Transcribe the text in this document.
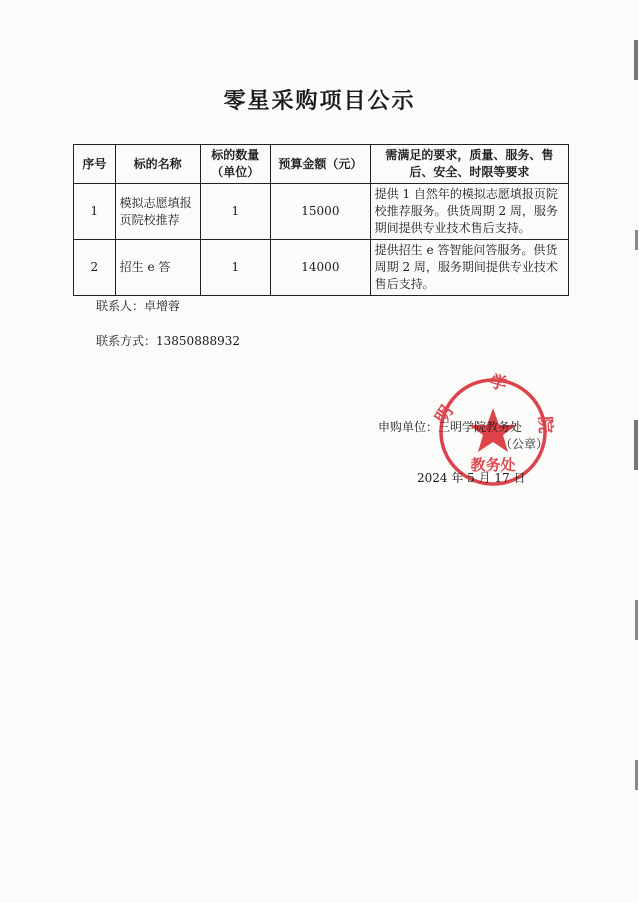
零星采购项目公示
序号	标的名称	标的数量（单位）	预算金额（元）	需满足的要求，质量、服务、售后、安全、时限等要求
1	模拟志愿填报页院校推荐	1	15000	提供 1 自然年的模拟志愿填报页院校推荐服务。供货周期 2 周，服务期间提供专业技术售后支持。
2	招生 e 答	1	14000	提供招生 e 答智能问答服务。供货周期 2 周，服务期间提供专业技术售后支持。
联系人：卓增蓉
联系方式：13850888932
明 学 院
教务处
申购单位：三明学院教务处
（公章）
2024 年 5 月 17 日
